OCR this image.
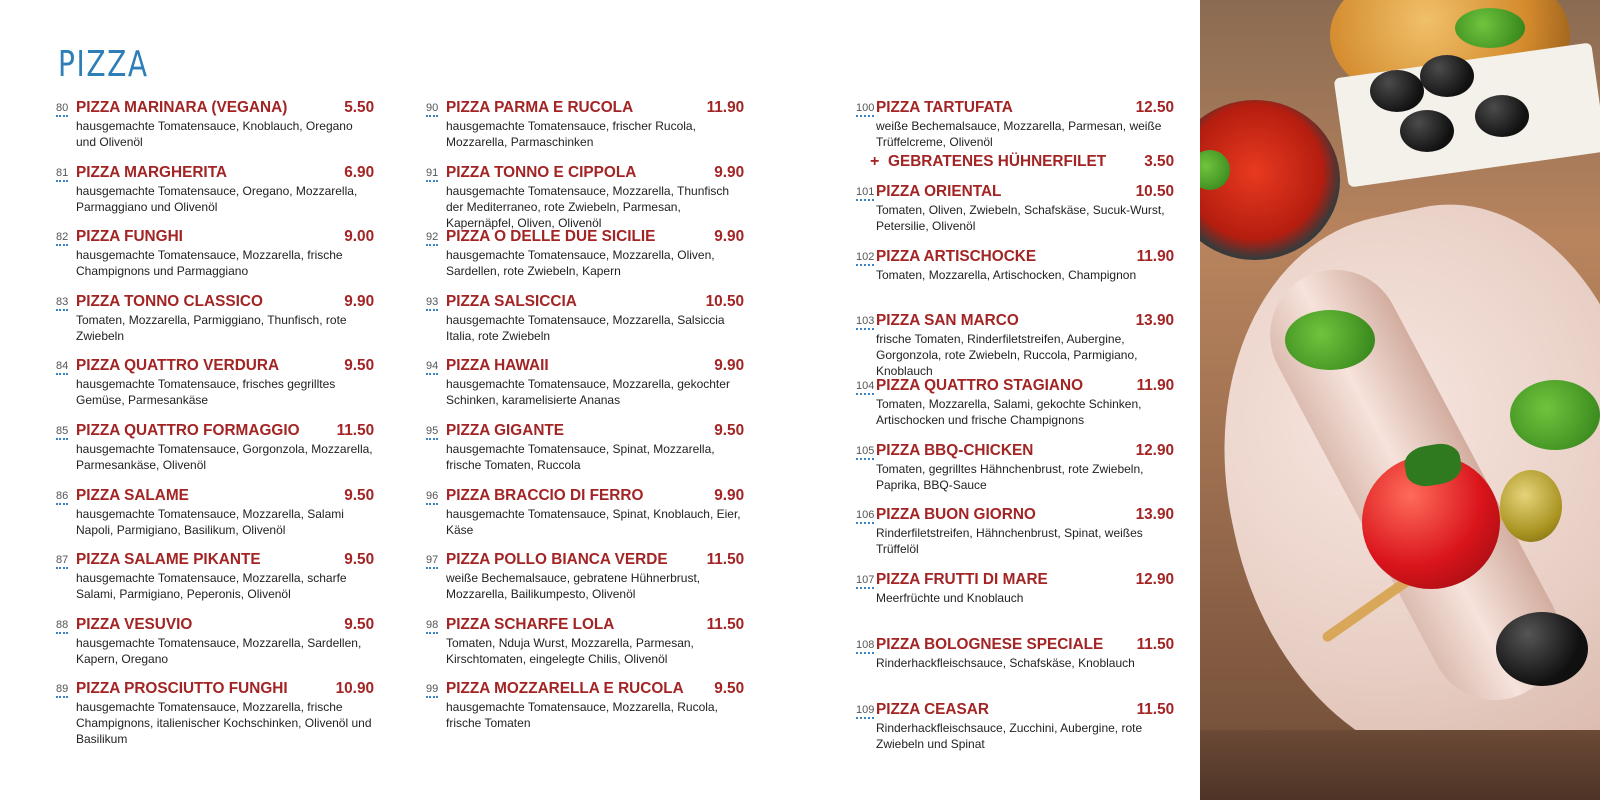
PIZZA
80 PIZZA MARINARA (VEGANA)	5.50
hausgemachte Tomatensauce, Knoblauch, Oregano und Olivenöl
81 PIZZA MARGHERITA	6.90
hausgemachte Tomatensauce, Oregano, Mozzarella, Parmaggiano und Olivenöl
82 PIZZA FUNGHI	9.00
hausgemachte Tomatensauce, Mozzarella, frische Champignons und Parmaggiano
83 PIZZA TONNO CLASSICO	9.90
Tomaten, Mozzarella, Parmiggiano, Thunfisch, rote Zwiebeln
84 PIZZA QUATTRO VERDURA	9.50
hausgemachte Tomatensauce, frisches gegrilltes Gemüse, Parmesankäse
85 PIZZA QUATTRO FORMAGGIO 11.50
hausgemachte Tomatensauce, Gorgonzola, Mozzarella, Parmesankäse, Olivenöl
86 PIZZA SALAME	9.50
hausgemachte Tomatensauce, Mozzarella, Salami Napoli, Parmigiano, Basilikum, Olivenöl
87 PIZZA SALAME PIKANTE	9.50
hausgemachte Tomatensauce, Mozzarella, scharfe Salami, Parmigiano, Peperonis, Olivenöl
88 PIZZA VESUVIO	9.50
hausgemachte Tomatensauce, Mozzarella, Sardellen, Kapern, Oregano
89 PIZZA PROSCIUTTO FUNGHI	10.90
hausgemachte Tomatensauce, Mozzarella, frische Champignons, italienischer Kochschinken, Olivenöl und Basilikum
90 PIZZA PARMA E RUCOLA	11.90
hausgemachte Tomatensauce, frischer Rucola, Mozzarella, Parmaschinken
91 PIZZA TONNO E CIPPOLA	9.90
hausgemachte Tomatensauce, Mozzarella, Thunfisch der Mediterraneo, rote Zwiebeln, Parmesan, Kapernäpfel, Oliven, Olivenöl
92 PIZZA O DELLE DUE SICILIE	9.90
hausgemachte Tomatensauce, Mozzarella, Oliven, Sardellen, rote Zwiebeln, Kapern
93 PIZZA SALSICCIA	10.50
hausgemachte Tomatensauce, Mozzarella, Salsiccia Italia, rote Zwiebeln
94 PIZZA HAWAII	9.90
hausgemachte Tomatensauce, Mozzarella, gekochter Schinken, karamelisierte Ananas
95 PIZZA GIGANTE	9.50
hausgemachte Tomatensauce, Spinat, Mozzarella, frische Tomaten, Ruccola
96 PIZZA BRACCIO DI FERRO	9.90
hausgemachte Tomatensauce, Spinat, Knoblauch, Eier, Käse
97 PIZZA POLLO BIANCA VERDE 11.50
weiße Bechemalsauce, gebratene Hühnerbrust, Mozzarella, Bailikumpesto, Olivenöl
98 PIZZA SCHARFE LOLA	11.50
Tomaten, Nduja Wurst, Mozzarella, Parmesan, Kirschtomaten, eingelegte Chilis, Olivenöl
99 PIZZA MOZZARELLA E RUCOLA 9.50
hausgemachte Tomatensauce, Mozzarella, Rucola, frische Tomaten
100 PIZZA TARTUFATA	12.50
weiße Bechemalsauce, Mozzarella, Parmesan, weiße Trüffelcreme, Olivenöl
+ GEBRATENES HÜHNERFILET 3.50
101 PIZZA ORIENTAL	10.50
Tomaten, Oliven, Zwiebeln, Schafskäse, Sucuk-Wurst, Petersilie, Olivenöl
102 PIZZA ARTISCHOCKE	11.90
Tomaten, Mozzarella, Artischocken, Champignon
103 PIZZA SAN MARCO	13.90
frische Tomaten, Rinderfiletstreifen, Aubergine, Gorgonzola, rote Zwiebeln, Ruccola, Parmigiano, Knoblauch
104 PIZZA QUATTRO STAGIANO	11.90
Tomaten, Mozzarella, Salami, gekochte Schinken, Artischocken und frische Champignons
105 PIZZA BBQ-CHICKEN	12.90
Tomaten, gegrilltes Hähnchenbrust, rote Zwiebeln, Paprika, BBQ-Sauce
106 PIZZA BUON GIORNO	13.90
Rinderfiletstreifen, Hähnchenbrust, Spinat, weißes Trüffelöl
107 PIZZA FRUTTI DI MARE	12.90
Meerfrüchte und Knoblauch
108 PIZZA BOLOGNESE SPECIALE 11.50
Rinderhackfleischsauce, Schafskäse, Knoblauch
109 PIZZA CEASAR	11.50
Rinderhackfleischsauce, Zucchini, Aubergine, rote Zwiebeln und Spinat
